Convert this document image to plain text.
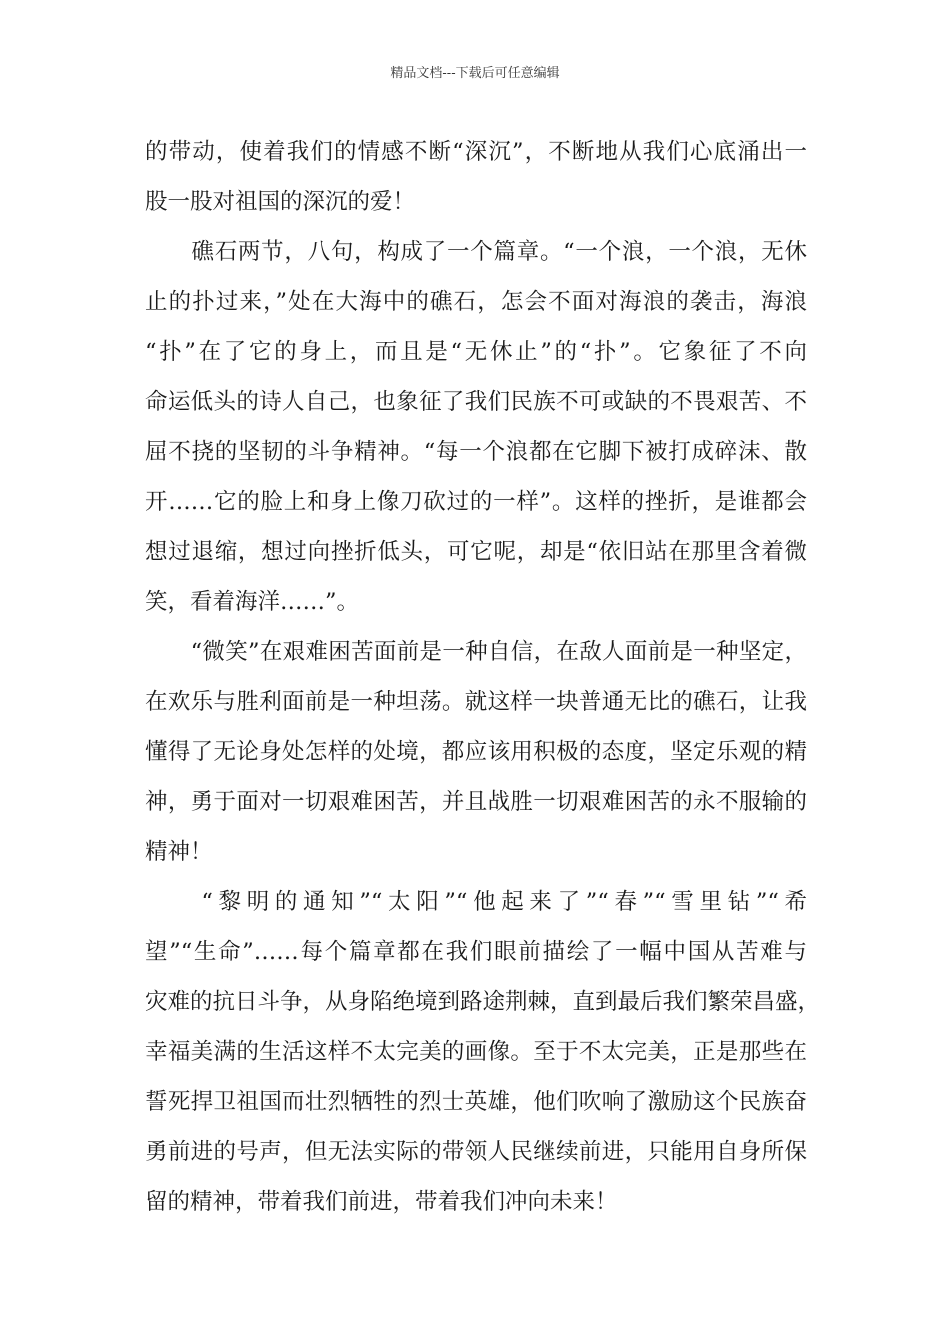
精品文档---下载后可任意编辑

的带动，使着我们的情感不断“深沉”，不断地从我们心底涌出一
股一股对祖国的深沉的爱！

　　礁石两节，八句，构成了一个篇章。“一个浪，一个浪，无休
止的扑过来，”处在大海中的礁石，怎会不面对海浪的袭击，海浪
“扑”在了它的身上，而且是“无休止”的“扑”。它象征了不向
命运低头的诗人自己，也象征了我们民族不可或缺的不畏艰苦、不
屈不挠的坚韧的斗争精神。“每一个浪都在它脚下被打成碎沫、散
开……它的脸上和身上像刀砍过的一样”。这样的挫折，是谁都会
想过退缩，想过向挫折低头，可它呢，却是“依旧站在那里含着微
笑，看着海洋……”。

　　“微笑”在艰难困苦面前是一种自信，在敌人面前是一种坚定，
在欢乐与胜利面前是一种坦荡。就这样一块普通无比的礁石，让我
懂得了无论身处怎样的处境，都应该用积极的态度，坚定乐观的精
神，勇于面对一切艰难困苦，并且战胜一切艰难困苦的永不服输的
精神！

　　“黎明的通知”“太阳”“他起来了”“春”“雪里钻”“希
望”“生命”……每个篇章都在我们眼前描绘了一幅中国从苦难与
灾难的抗日斗争，从身陷绝境到路途荆棘，直到最后我们繁荣昌盛，
幸福美满的生活这样不太完美的画像。至于不太完美，正是那些在
誓死捍卫祖国而壮烈牺牲的烈士英雄，他们吹响了激励这个民族奋
勇前进的号声，但无法实际的带领人民继续前进，只能用自身所保
留的精神，带着我们前进，带着我们冲向未来！
